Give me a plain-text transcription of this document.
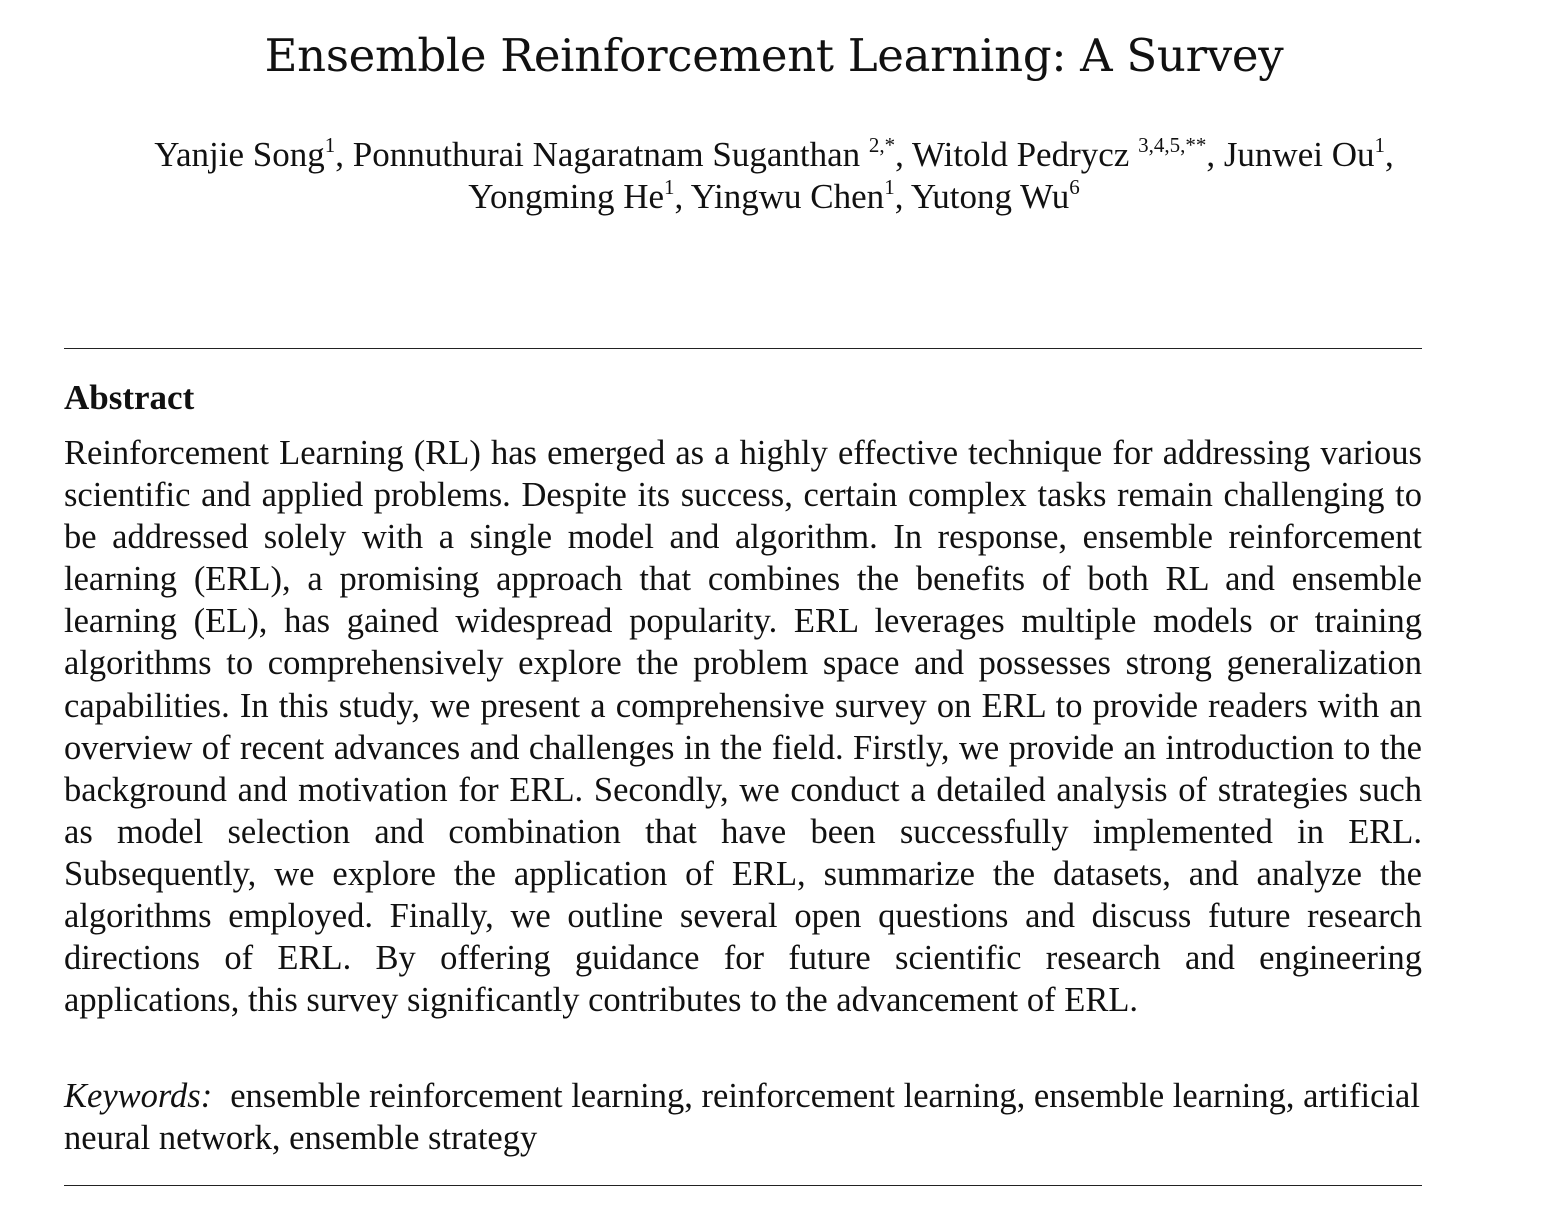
Ensemble Reinforcement Learning: A Survey
Yanjie Song$^1$, Ponnuthurai Nagaratnam Suganthan $^{2,*}$, Witold Pedrycz $^{3,4,5,**}$, Junwei Ou$^1$,
Yongming He$^1$, Yingwu Chen$^1$, Yutong Wu$^6$
Abstract

Reinforcement Learning (RL) has emerged as a highly effective technique for addressing various scientific and applied problems. Despite its success, certain complex tasks remain challenging to be addressed solely with a single model and algorithm. In response, ensemble reinforcement learning (ERL), a promising approach that combines the benefits of both RL and ensemble learning (EL), has gained widespread popularity. ERL leverages multiple models or training algorithms to comprehensively explore the problem space and possesses strong generalization capabilities. In this study, we present a comprehensive survey on ERL to provide readers with an overview of recent advances and challenges in the field. Firstly, we provide an introduction to the background and motivation for ERL. Secondly, we conduct a detailed analysis of strategies such as model selection and combination that have been successfully implemented in ERL. Subsequently, we explore the application of ERL, summarize the datasets, and analyze the algorithms employed. Finally, we outline several open questions and discuss future research directions of ERL. By offering guidance for future scientific research and engineering applications, this survey significantly contributes to the advancement of ERL.

Keywords: ensemble reinforcement learning, reinforcement learning, ensemble learning, artificial neural network, ensemble strategy
